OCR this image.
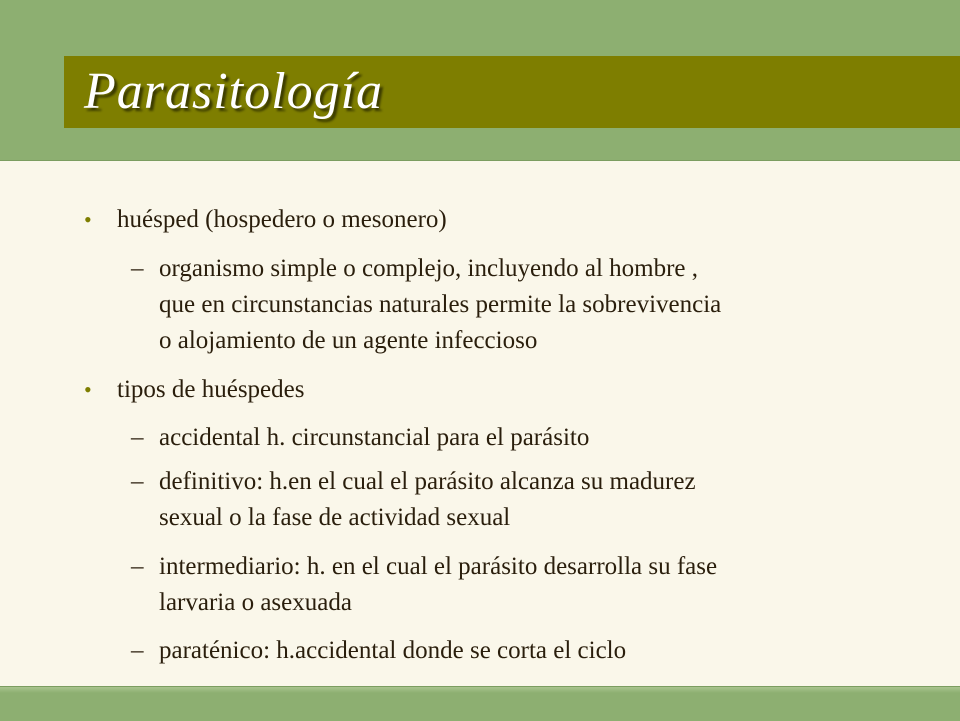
Parasitología
• huésped (hospedero o mesonero)
– organismo simple o complejo, incluyendo al hombre ,
que en circunstancias naturales permite la sobrevivencia
o alojamiento de un agente infeccioso
• tipos de huéspedes
– accidental h. circunstancial para el parásito
– definitivo: h.en el cual el parásito alcanza su madurez
sexual o la fase de actividad sexual
– intermediario: h. en el cual el parásito desarrolla su fase
larvaria o asexuada
– paraténico: h.accidental donde se corta el ciclo
